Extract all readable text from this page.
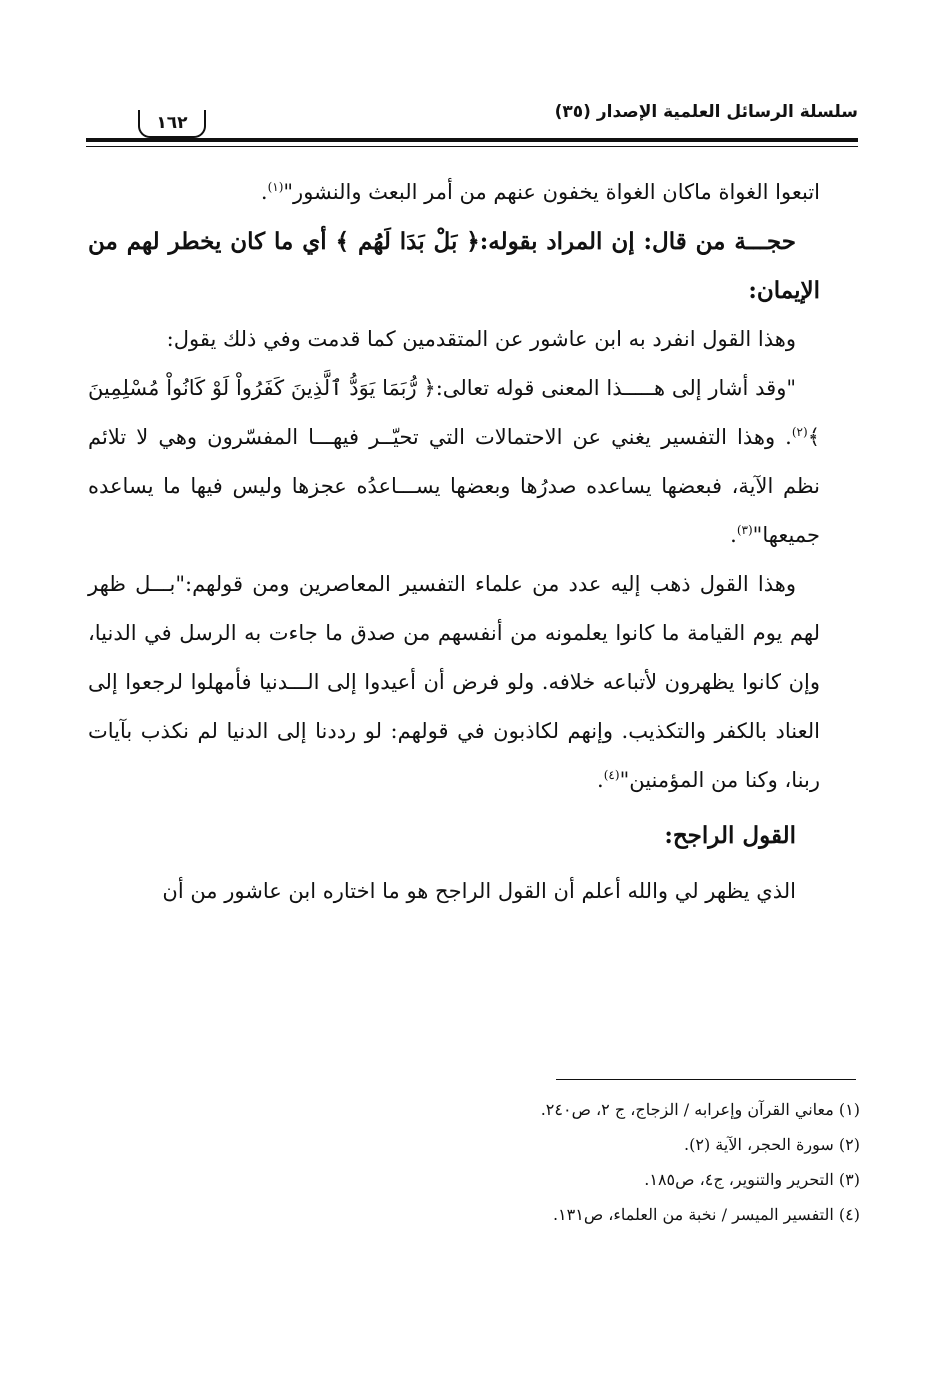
سلسلة الرسائل العلمية الإصدار (٣٥)
١٦٢

اتبعوا الغواة ماكان الغواة يخفون عنهم من أمر البعث والنشور"$^{(١)}$.

حجـــة من قال: إن المراد بقوله:﴿ بَلْ بَدَا لَهُم ﴾ أي ما كان يخطر لهم من الإيمان:

وهذا القول انفرد به ابن عاشور عن المتقدمين كما قدمت وفي ذلك يقول:

"وقد أشار إلى هـــــذا المعنى قوله تعالى:﴿ رُّبَمَا يَوَدُّ ٱلَّذِينَ كَفَرُواْ لَوْ كَانُواْ مُسْلِمِينَ ﴾$^{(٢)}$. وهذا التفسير يغني عن الاحتمالات التي تحيّــر فيهـــا المفسّرون وهي لا تلائم نظم الآية، فبعضها يساعده صدرُها وبعضها يســـاعدُه عجزها وليس فيها ما يساعده جميعها"$^{(٣)}$.

وهذا القول ذهب إليه عدد من علماء التفسير المعاصرين ومن قولهم:"بـــل ظهر لهم يوم القيامة ما كانوا يعلمونه من أنفسهم من صدق ما جاءت به الرسل في الدنيا، وإن كانوا يظهرون لأتباعه خلافه. ولو فرض أن أعيدوا إلى الـــدنيا فأمهلوا لرجعوا إلى العناد بالكفر والتكذيب. وإنهم لكاذبون في قولهم: لو رددنا إلى الدنيا لم نكذب بآيات ربنا، وكنا من المؤمنين"$^{(٤)}$.

القول الراجح:

الذي يظهر لي والله أعلم أن القول الراجح هو ما اختاره ابن عاشور من أن

(١) معاني القرآن وإعرابه / الزجاج، ج ٢، ص٢٤٠.

(٢) سورة الحجر، الآية (٢).

(٣) التحرير والتنوير، ج٤، ص١٨٥.

(٤) التفسير الميسر / نخبة من العلماء، ص١٣١.
